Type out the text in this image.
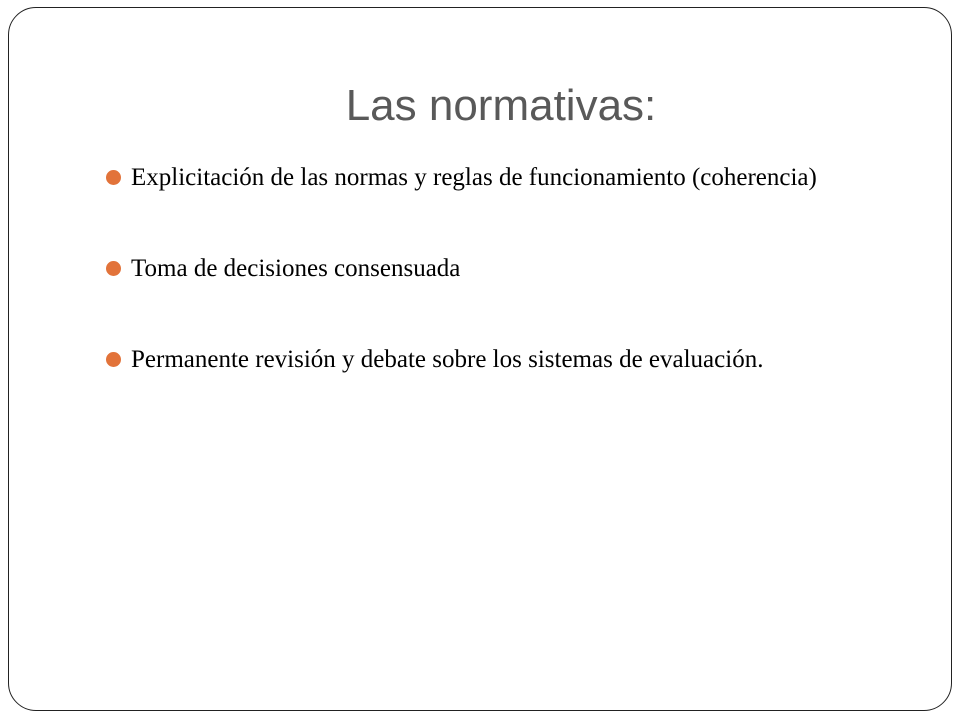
Las normativas:
Explicitación de las normas y reglas de funcionamiento (coherencia)
Toma de decisiones consensuada
Permanente revisión y debate sobre los sistemas de evaluación.
